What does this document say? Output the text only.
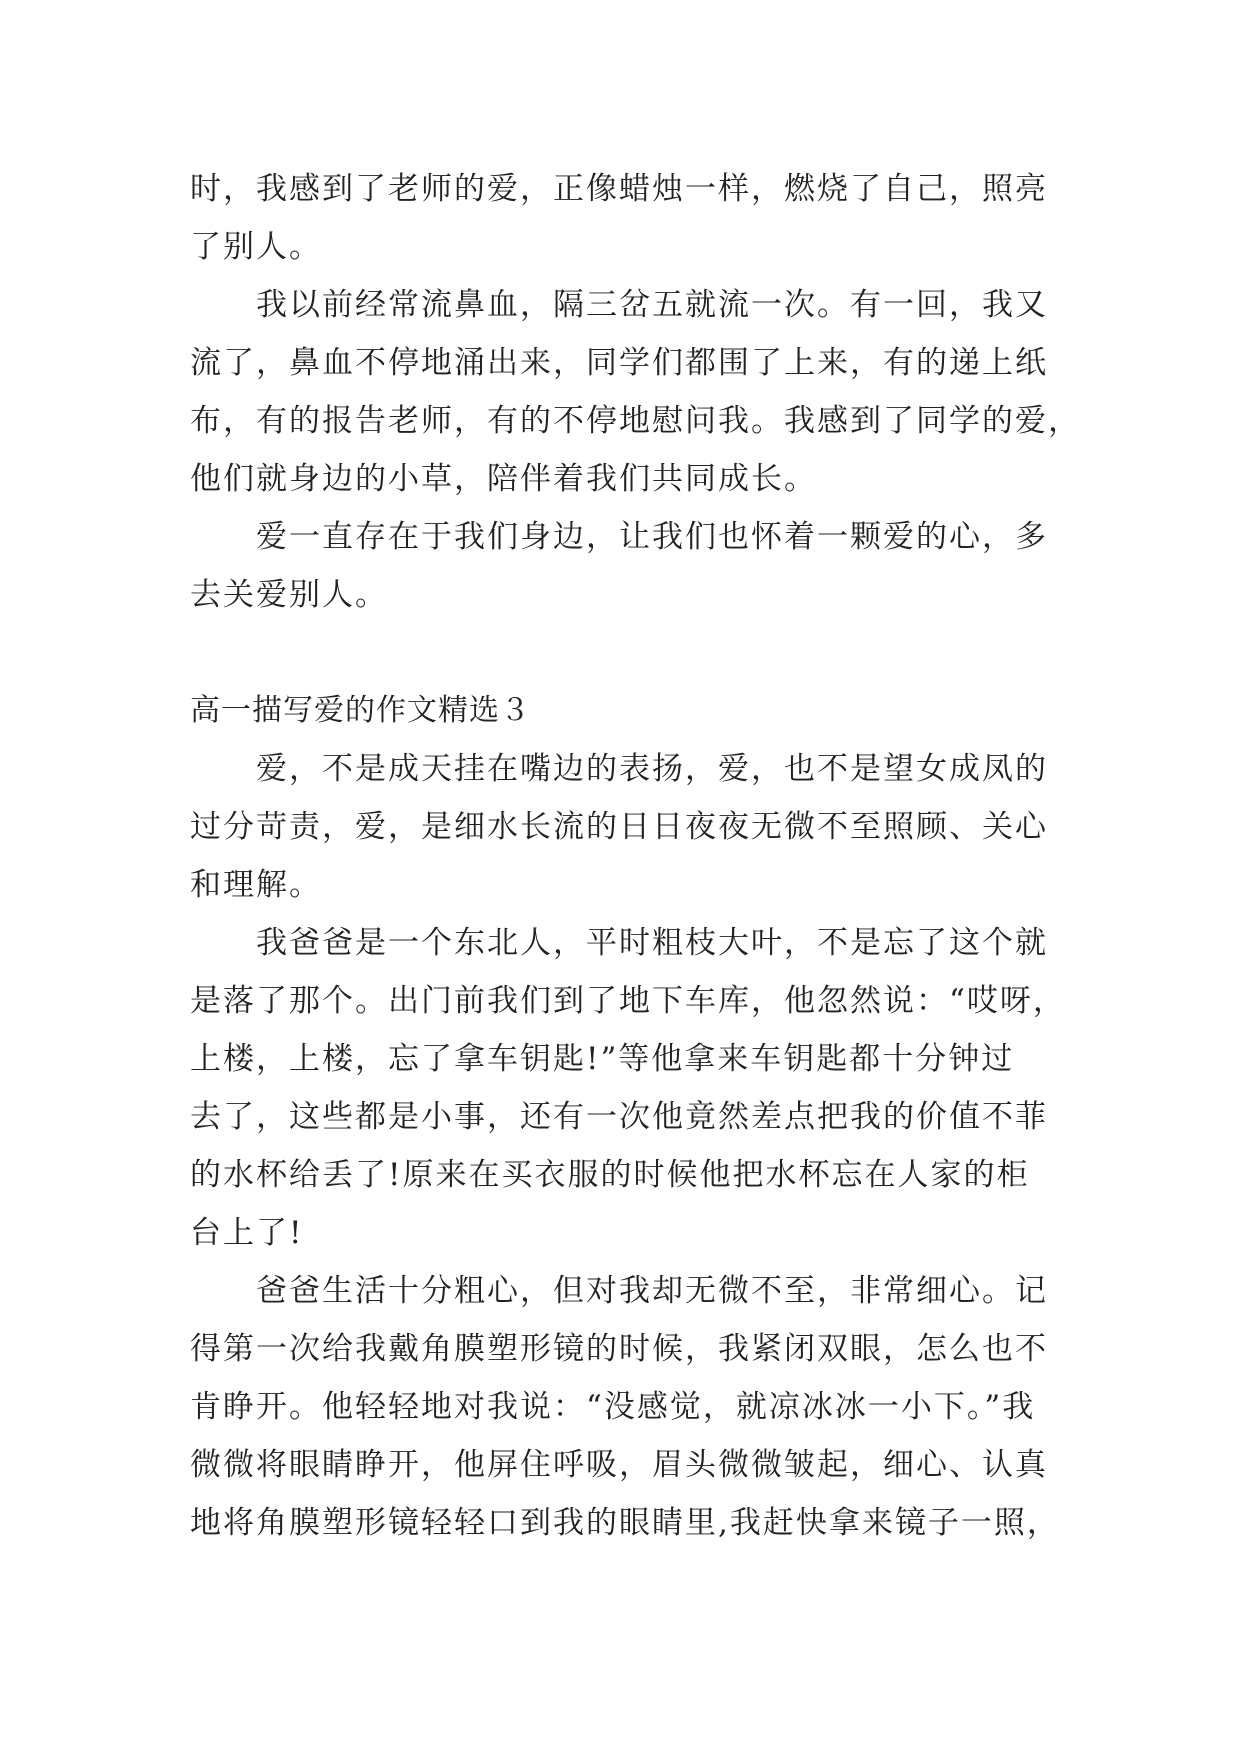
时，我感到了老师的爱，正像蜡烛一样，燃烧了自己，照亮
了别人。
我以前经常流鼻血，隔三岔五就流一次。有一回，我又
流了，鼻血不停地涌出来，同学们都围了上来，有的递上纸
布，有的报告老师，有的不停地慰问我。我感到了同学的爱，
他们就身边的小草，陪伴着我们共同成长。
爱一直存在于我们身边，让我们也怀着一颗爱的心，多
去关爱别人。
高一描写爱的作文精选３
爱，不是成天挂在嘴边的表扬，爱，也不是望女成凤的
过分苛责，爱，是细水长流的日日夜夜无微不至照顾、关心
和理解。
我爸爸是一个东北人，平时粗枝大叶，不是忘了这个就
是落了那个。出门前我们到了地下车库，他忽然说：“哎呀，
上楼，上楼，忘了拿车钥匙!”等他拿来车钥匙都十分钟过
去了，这些都是小事，还有一次他竟然差点把我的价值不菲
的水杯给丢了!原来在买衣服的时候他把水杯忘在人家的柜
台上了!
爸爸生活十分粗心，但对我却无微不至，非常细心。记
得第一次给我戴角膜塑形镜的时候，我紧闭双眼，怎么也不
肯睁开。他轻轻地对我说：“没感觉，就凉冰冰一小下。”我
微微将眼睛睁开，他屏住呼吸，眉头微微皱起，细心、认真
地将角膜塑形镜轻轻口到我的眼睛里,我赶快拿来镜子一照，
